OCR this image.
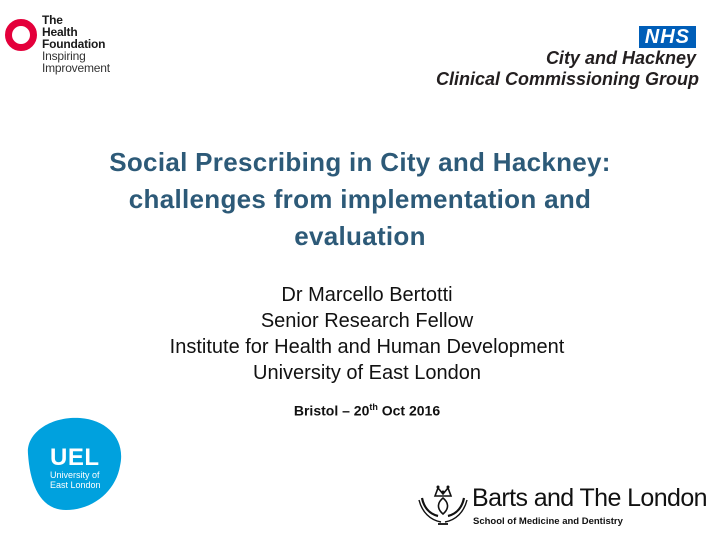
The
Health
Foundation
Inspiring
Improvement
NHS
City and Hackney
Clinical Commissioning Group
Social Prescribing in City and Hackney:
challenges from implementation and
evaluation
Dr Marcello Bertotti
Senior Research Fellow
Institute for Health and Human Development
University of East London
Bristol – 20th Oct 2016
UEL
University of
East London	Barts and The London
School of Medicine and Dentistry
